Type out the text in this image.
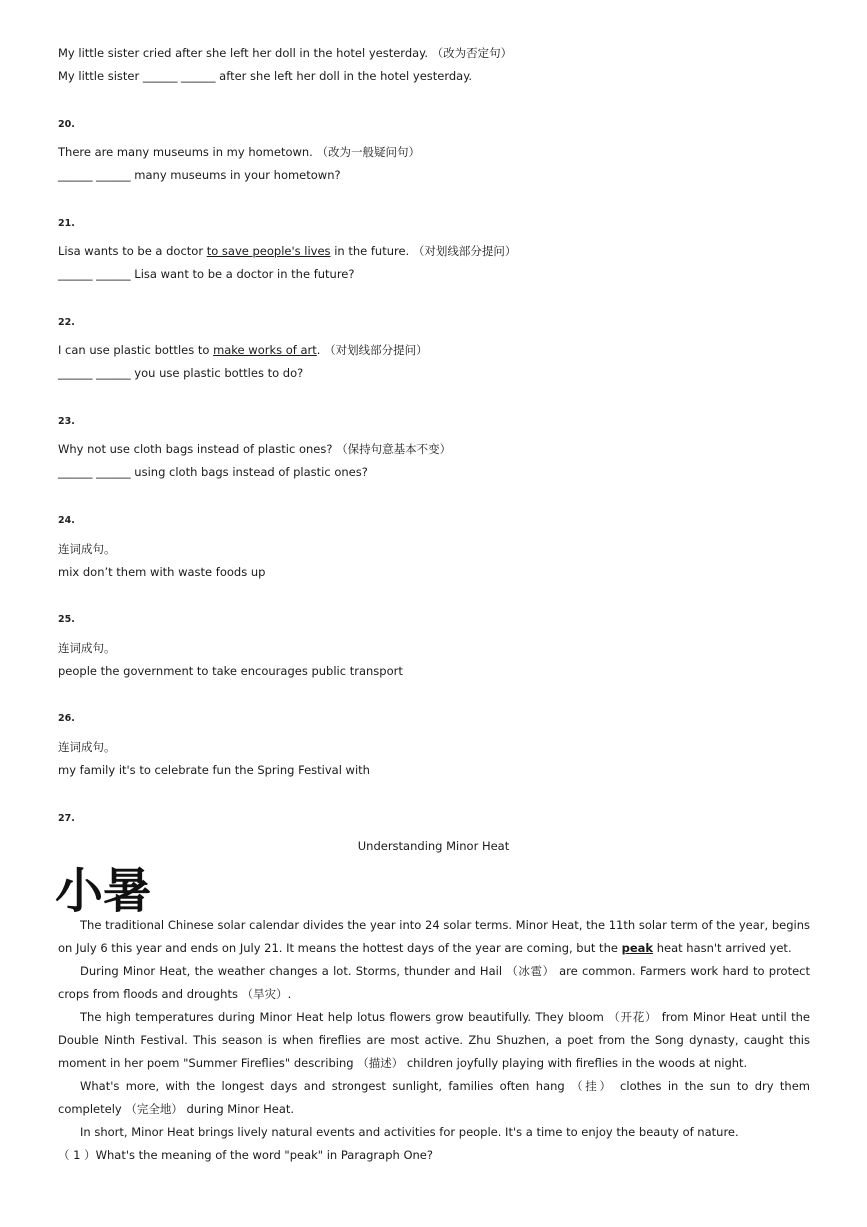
My little sister cried after she left her doll in the hotel yesterday. （改为否定句）
My little sister ______ ______ after she left her doll in the hotel yesterday.
20.
There are many museums in my hometown. （改为一般疑问句）
______ ______ many museums in your hometown?
21.
Lisa wants to be a doctor to save people's lives in the future. （对划线部分提问）
______ ______ Lisa want to be a doctor in the future?
22.
I can use plastic bottles to make works of art. （对划线部分提问）
______ ______ you use plastic bottles to do?
23.
Why not use cloth bags instead of plastic ones? （保持句意基本不变）
______ ______ using cloth bags instead of plastic ones?
24.
连词成句。
mix don’t them with waste foods up
25.
连词成句。
people the government to take encourages public transport
26.
连词成句。
my family it's to celebrate fun the Spring Festival with
27.
Understanding Minor Heat
小暑
The traditional Chinese solar calendar divides the year into 24 solar terms. Minor Heat, the 11th solar term of the year, begins on July 6 this year and ends on July 21. It means the hottest days of the year are coming, but the peak heat hasn't arrived yet.
During Minor Heat, the weather changes a lot. Storms, thunder and Hail （冰雹） are common. Farmers work hard to protect crops from floods and droughts （旱灾）.
The high temperatures during Minor Heat help lotus flowers grow beautifully. They bloom （开花） from Minor Heat until the Double Ninth Festival. This season is when fireflies are most active. Zhu Shuzhen, a poet from the Song dynasty, caught this moment in her poem "Summer Fireflies" describing （描述） children joyfully playing with fireflies in the woods at night.
What's more, with the longest days and strongest sunlight, families often hang （挂） clothes in the sun to dry them completely （完全地） during Minor Heat.
In short, Minor Heat brings lively natural events and activities for people. It's a time to enjoy the beauty of nature.
（ 1 ）What's the meaning of the word "peak" in Paragraph One?
